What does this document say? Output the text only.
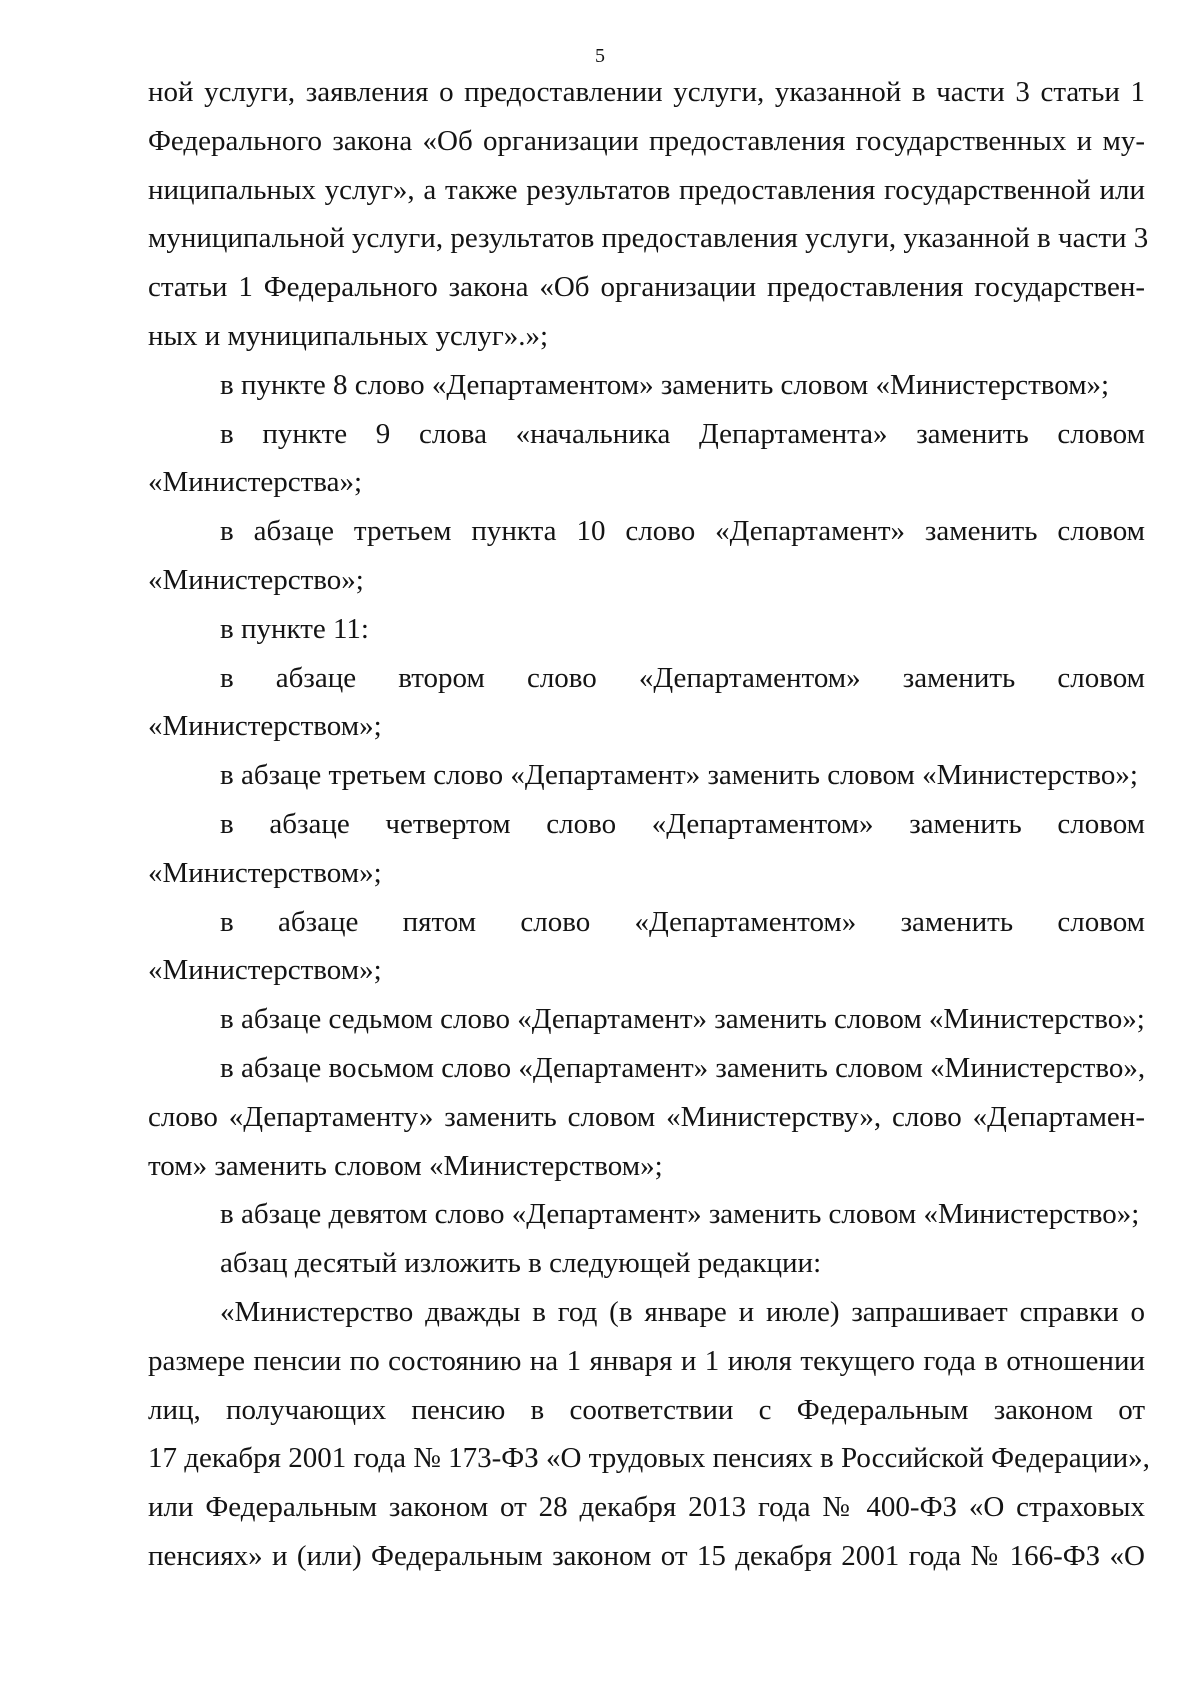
5
ной услуги, заявления о предоставлении услуги, указанной в части 3 статьи 1
Федерального закона «Об организации предоставления государственных и му-
ниципальных услуг», а также результатов предоставления государственной или
муниципальной услуги, результатов предоставления услуги, указанной в части 3
статьи 1 Федерального закона «Об организации предоставления государствен-
ных и муниципальных услуг».»;
в пункте 8 слово «Департаментом» заменить словом «Министерством»;
в пункте 9 слова «начальника Департамента» заменить словом
«Министерства»;
в абзаце третьем пункта 10 слово «Департамент» заменить словом
«Министерство»;
в пункте 11:
в абзаце втором слово «Департаментом» заменить словом
«Министерством»;
в абзаце третьем слово «Департамент» заменить словом «Министерство»;
в абзаце четвертом слово «Департаментом» заменить словом
«Министерством»;
в абзаце пятом слово «Департаментом» заменить словом
«Министерством»;
в абзаце седьмом слово «Департамент» заменить словом «Министерство»;
в абзаце восьмом слово «Департамент» заменить словом «Министерство»,
слово «Департаменту» заменить словом «Министерству», слово «Департамен-
том» заменить словом «Министерством»;
в абзаце девятом слово «Департамент» заменить словом «Министерство»;
абзац десятый изложить в следующей редакции:
«Министерство дважды в год (в январе и июле) запрашивает справки о
размере пенсии по состоянию на 1 января и 1 июля текущего года в отношении
лиц, получающих пенсию в соответствии с Федеральным законом от
17 декабря 2001 года № 173-ФЗ «О трудовых пенсиях в Российской Федерации»,
или Федеральным законом от 28 декабря 2013 года № 400-ФЗ «О страховых
пенсиях» и (или) Федеральным законом от 15 декабря 2001 года № 166-ФЗ «О
